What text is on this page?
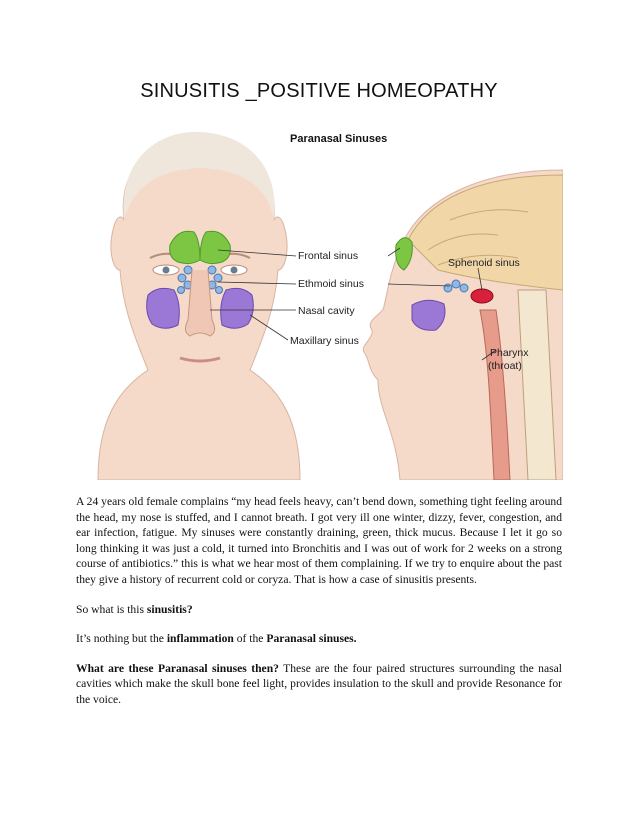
SINUSITIS _POSITIVE HOMEOPATHY
Paranasal Sinuses
Frontal sinus
Ethmoid sinus
Nasal cavity
Maxillary sinus
Sphenoid sinus
Pharynx
(throat)

A 24 years old female complains “my head feels heavy, can’t bend down, something tight feeling around the head, my nose is stuffed, and I cannot breath. I got very ill one winter, dizzy, fever, congestion, and ear infection, fatigue. My sinuses were constantly draining, green, thick mucus. Because I let it go so long thinking it was just a cold, it turned into Bronchitis and I was out of work for 2 weeks on a strong course of antibiotics.” this is what we hear most of them complaining. If we try to enquire about the past they give a history of recurrent cold or coryza. That is how a case of sinusitis presents.

So what is this sinusitis?

It’s nothing but the inflammation of the Paranasal sinuses.

What are these Paranasal sinuses then? These are the four paired structures surrounding the nasal cavities which make the skull bone feel light, provides insulation to the skull and provide Resonance for the voice.
